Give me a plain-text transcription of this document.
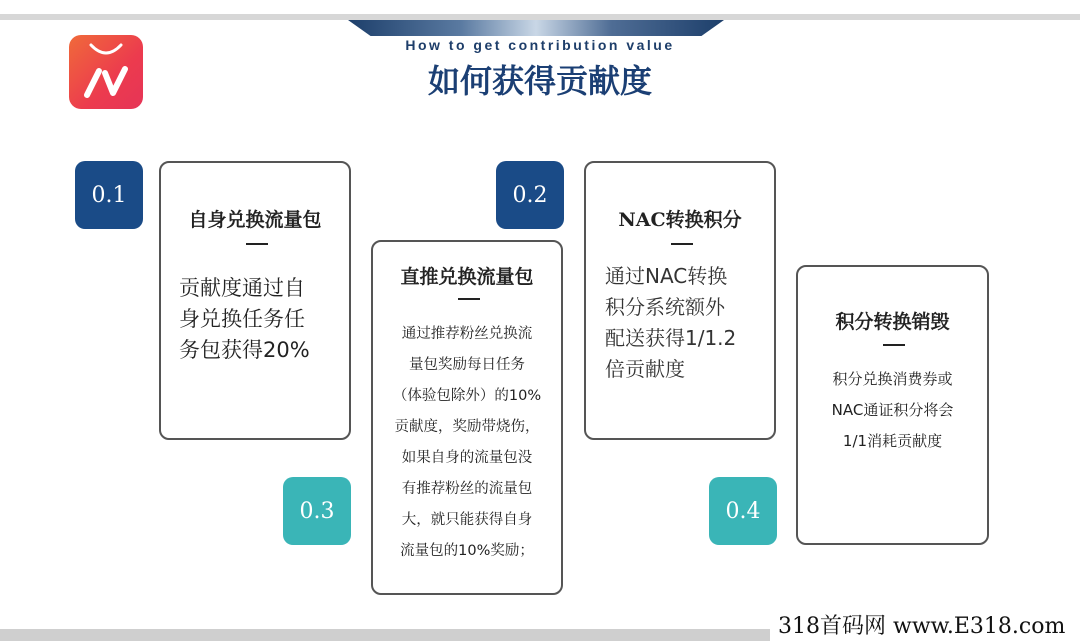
How to get contribution value
如何获得贡献度
0.1	0.2
0.3	0.4
自身兑换流量包
贡献度通过自
身兑换任务任
务包获得20%
直推兑换流量包
通过推荐粉丝兑换流
量包奖励每日任务
（体验包除外）的10%
贡献度，奖励带烧伤，
如果自身的流量包没
有推荐粉丝的流量包
大，就只能获得自身
流量包的10%奖励；
NAC转换积分
通过NAC转换
积分系统额外
配送获得1/1.2
倍贡献度
积分转换销毁
积分兑换消费券或
NAC通证积分将会
1/1消耗贡献度
318首码网 www.E318.com
